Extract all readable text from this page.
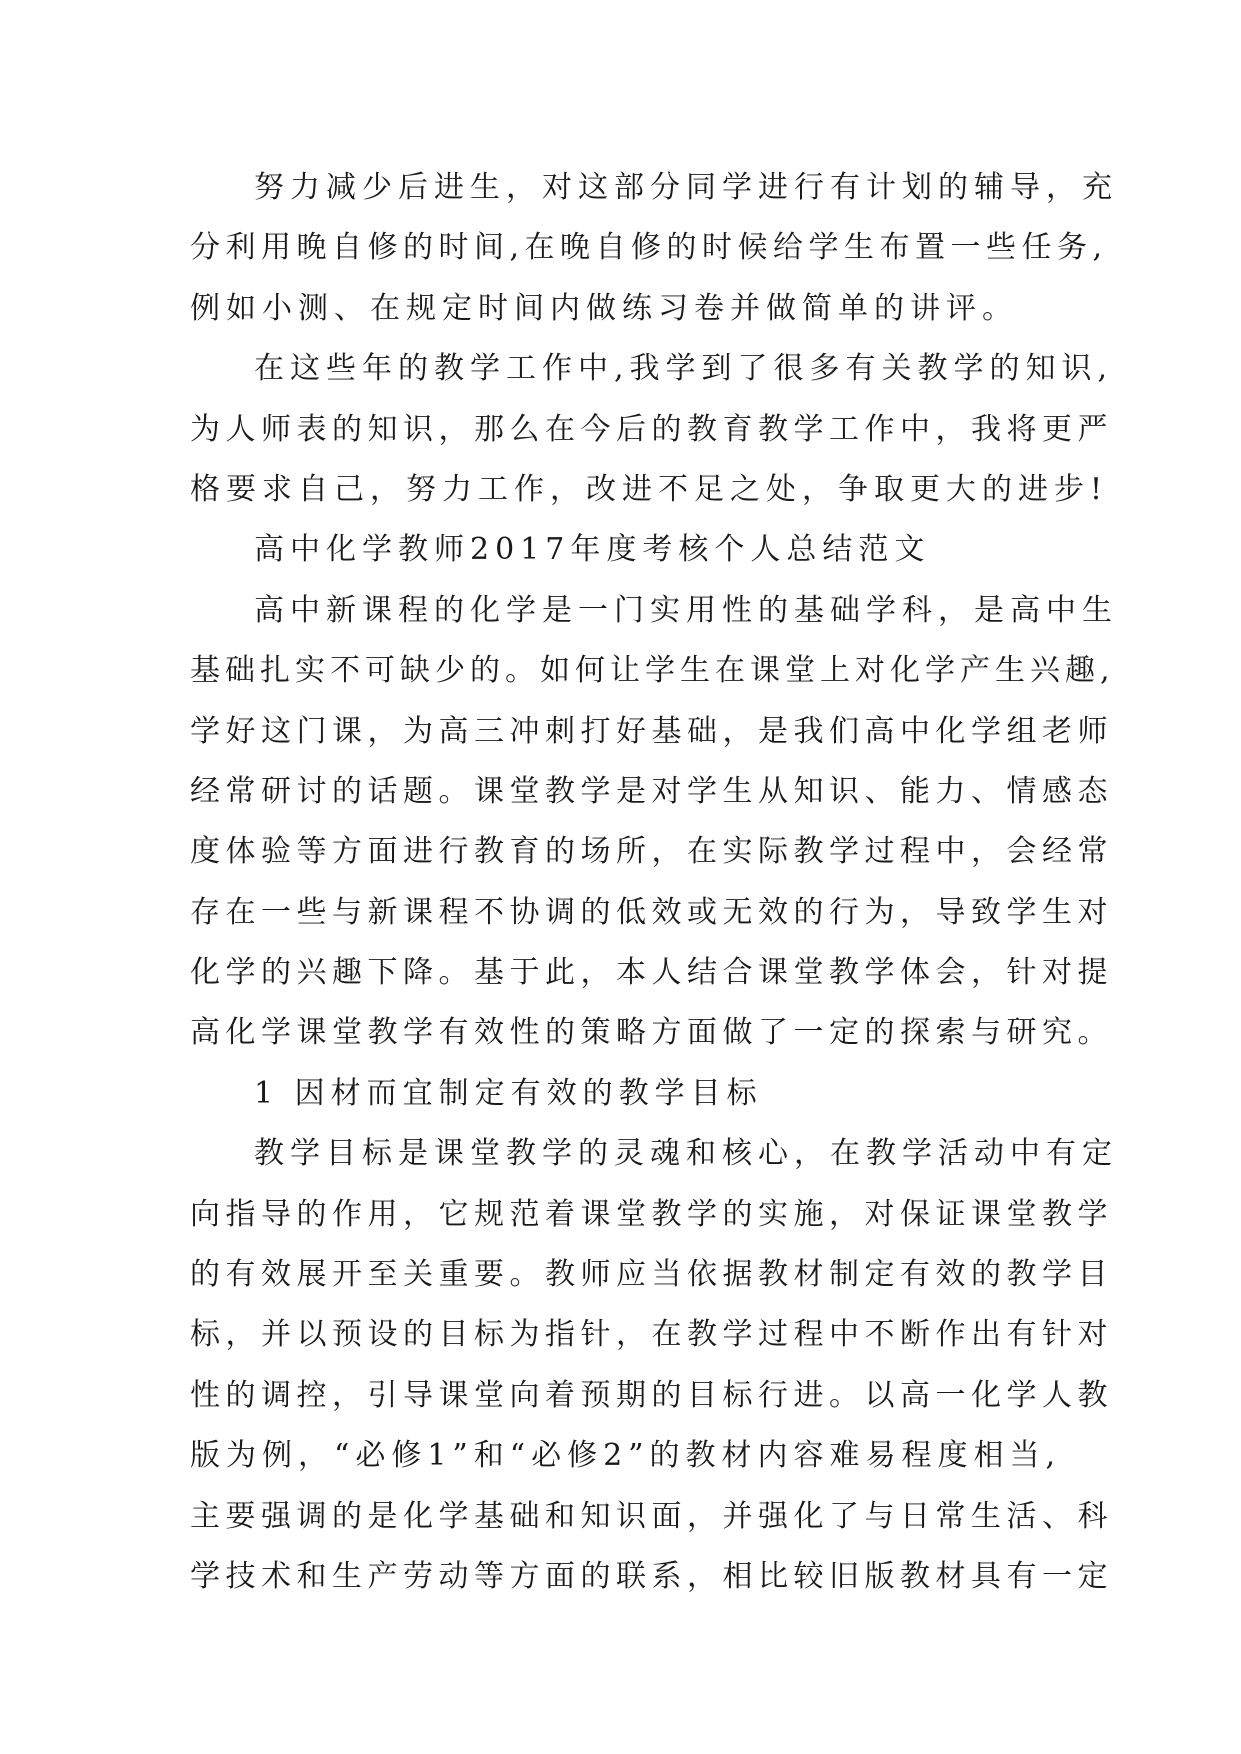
努力减少后进生，对这部分同学进行有计划的辅导，充
分利用晚自修的时间,在晚自修的时候给学生布置一些任务,
例如小测、在规定时间内做练习卷并做简单的讲评。
在这些年的教学工作中,我学到了很多有关教学的知识,
为人师表的知识，那么在今后的教育教学工作中，我将更严
格要求自己，努力工作，改进不足之处，争取更大的进步!
高中化学教师2017年度考核个人总结范文
高中新课程的化学是一门实用性的基础学科，是高中生
基础扎实不可缺少的。如何让学生在课堂上对化学产生兴趣,
学好这门课，为高三冲刺打好基础，是我们高中化学组老师
经常研讨的话题。课堂教学是对学生从知识、能力、情感态
度体验等方面进行教育的场所，在实际教学过程中，会经常
存在一些与新课程不协调的低效或无效的行为，导致学生对
化学的兴趣下降。基于此，本人结合课堂教学体会，针对提
高化学课堂教学有效性的策略方面做了一定的探索与研究。
1 因材而宜制定有效的教学目标
教学目标是课堂教学的灵魂和核心，在教学活动中有定
向指导的作用，它规范着课堂教学的实施，对保证课堂教学
的有效展开至关重要。教师应当依据教材制定有效的教学目
标，并以预设的目标为指针，在教学过程中不断作出有针对
性的调控，引导课堂向着预期的目标行进。以高一化学人教
版为例，“必修1”和“必修2”的教材内容难易程度相当,
主要强调的是化学基础和知识面，并强化了与日常生活、科
学技术和生产劳动等方面的联系，相比较旧版教材具有一定
